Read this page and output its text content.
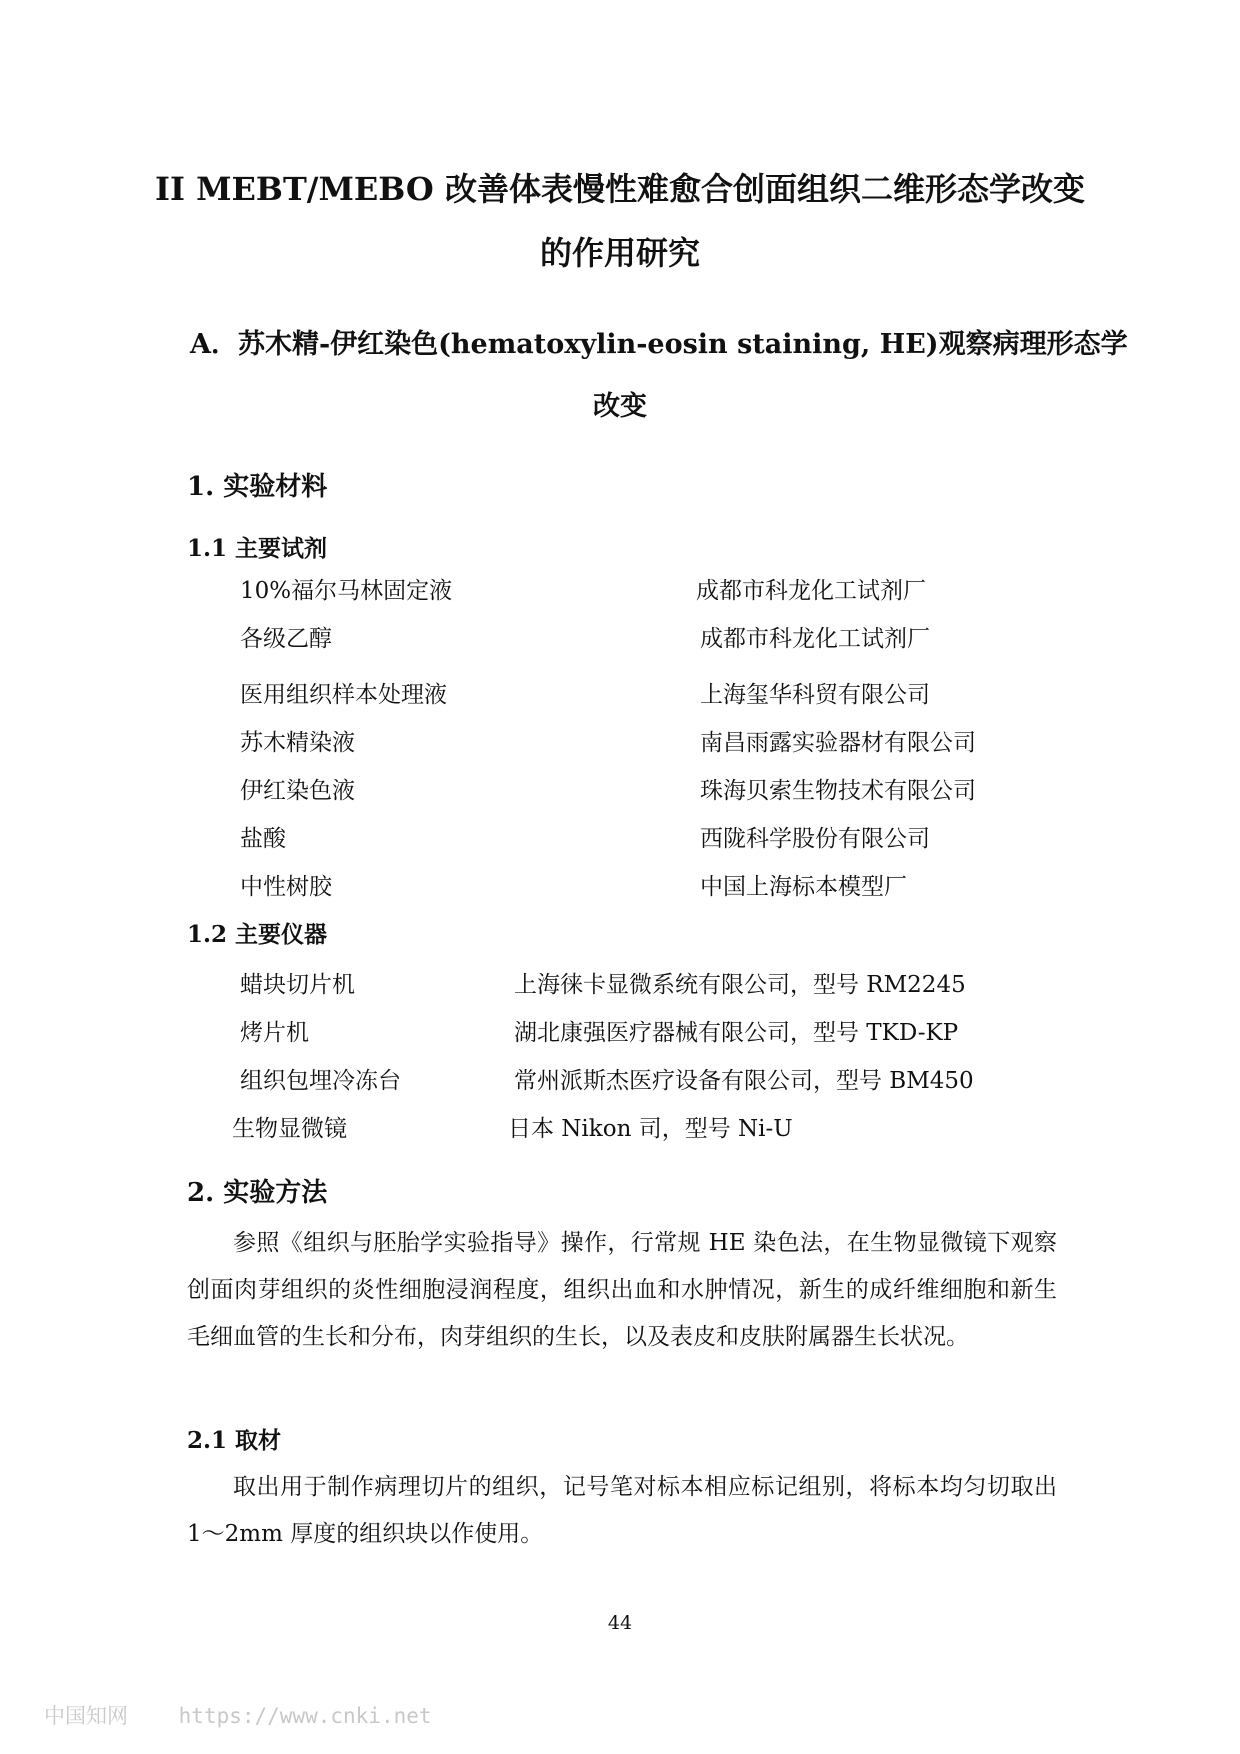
II MEBT/MEBO 改善体表慢性难愈合创面组织二维形态学改变
的作用研究
A．苏木精-伊红染色(hematoxylin-eosin staining, HE)观察病理形态学
改变
1. 实验材料
1.1 主要试剂
10%福尔马林固定液	成都市科龙化工试剂厂
各级乙醇	成都市科龙化工试剂厂
医用组织样本处理液	上海玺华科贸有限公司
苏木精染液	南昌雨露实验器材有限公司
伊红染色液	珠海贝索生物技术有限公司
盐酸	西陇科学股份有限公司
中性树胶	中国上海标本模型厂
1.2 主要仪器
蜡块切片机	上海徕卡显微系统有限公司，型号 RM2245
烤片机	湖北康强医疗器械有限公司，型号 TKD-KP
组织包埋冷冻台	常州派斯杰医疗设备有限公司，型号 BM450
生物显微镜	日本 Nikon 司，型号 Ni-U
2. 实验方法
参照《组织与胚胎学实验指导》操作，行常规 HE 染色法，在生物显微镜下观察创面肉芽组织的炎性细胞浸润程度，组织出血和水肿情况，新生的成纤维细胞和新生毛细血管的生长和分布，肉芽组织的生长，以及表皮和皮肤附属器生长状况。
2.1 取材
取出用于制作病理切片的组织，记号笔对标本相应标记组别，将标本均匀切取出 1～2mm 厚度的组织块以作使用。
44
中国知网 https://www.cnki.net
